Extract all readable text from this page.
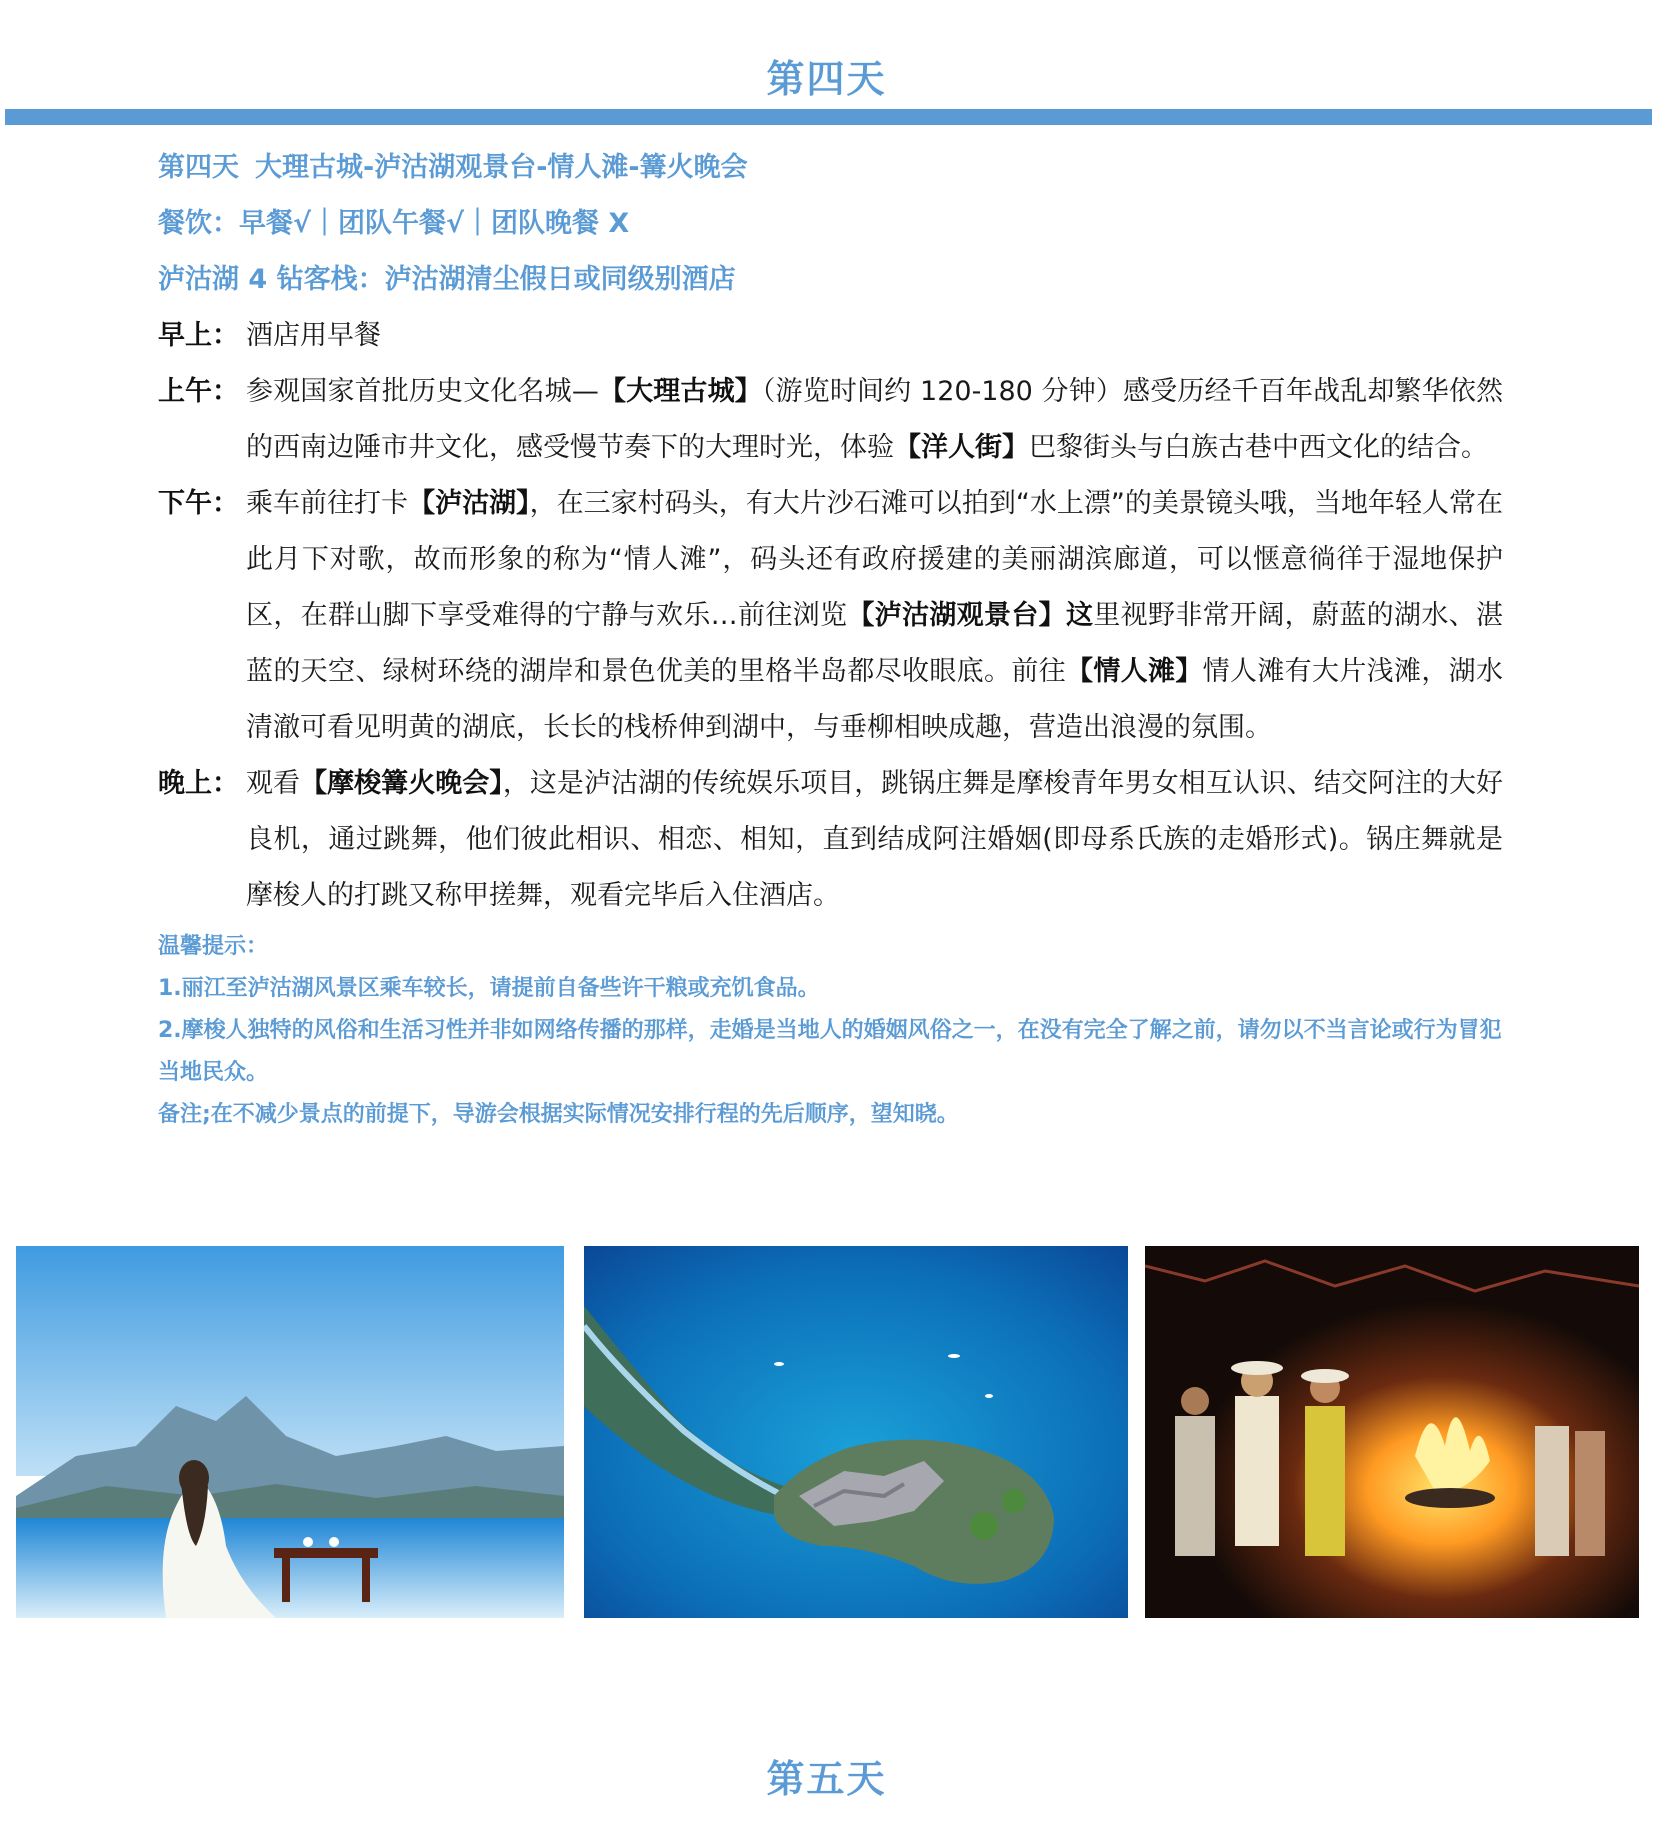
第四天
第四天 大理古城-泸沽湖观景台-情人滩-篝火晚会
餐饮：早餐√｜团队午餐√｜团队晚餐 X
泸沽湖 4 钻客栈：泸沽湖清尘假日或同级别酒店
早上： 酒店用早餐
上午： 参观国家首批历史文化名城—【大理古城】（游览时间约 120-180 分钟）感受历经千百年战乱却繁华依然的西南边陲市井文化，感受慢节奏下的大理时光，体验【洋人街】巴黎街头与白族古巷中西文化的结合。
下午： 乘车前往打卡【泸沽湖】，在三家村码头，有大片沙石滩可以拍到“水上漂”的美景镜头哦，当地年轻人常在此月下对歌，故而形象的称为“情人滩”，码头还有政府援建的美丽湖滨廊道，可以惬意徜徉于湿地保护区，在群山脚下享受难得的宁静与欢乐…前往浏览【泸沽湖观景台】这里视野非常开阔，蔚蓝的湖水、湛蓝的天空、绿树环绕的湖岸和景色优美的里格半岛都尽收眼底。前往【情人滩】情人滩有大片浅滩，湖水清澈可看见明黄的湖底，长长的栈桥伸到湖中，与垂柳相映成趣，营造出浪漫的氛围。
晚上： 观看【摩梭篝火晚会】，这是泸沽湖的传统娱乐项目，跳锅庄舞是摩梭青年男女相互认识、结交阿注的大好良机，通过跳舞，他们彼此相识、相恋、相知，直到结成阿注婚姻(即母系氏族的走婚形式)。锅庄舞就是摩梭人的打跳又称甲搓舞，观看完毕后入住酒店。
温馨提示：
1.丽江至泸沽湖风景区乘车较长，请提前自备些许干粮或充饥食品。
2.摩梭人独特的风俗和生活习性并非如网络传播的那样，走婚是当地人的婚姻风俗之一，在没有完全了解之前，请勿以不当言论或行为冒犯当地民众。
备注;在不减少景点的前提下，导游会根据实际情况安排行程的先后顺序，望知晓。
第五天
